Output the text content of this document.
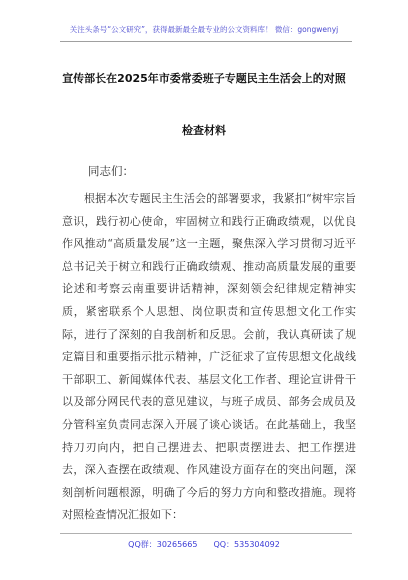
关注头条号“公文研究”，获得最新最全最专业的公文资料库！ 微信：gongwenyj
宣传部长在2025年市委常委班子专题民主生活会上的对照
检查材料
同志们：
根据本次专题民主生活会的部署要求，我紧扣“树牢宗旨意识，践行初心使命，牢固树立和践行正确政绩观，以优良作风推动“高质量发展”这一主题，聚焦深入学习贯彻习近平总书记关于树立和践行正确政绩观、推动高质量发展的重要论述和考察云南重要讲话精神，深刻领会纪律规定精神实质，紧密联系个人思想、岗位职责和宣传思想文化工作实际，进行了深刻的自我剖析和反思。会前，我认真研读了规定篇目和重要指示批示精神，广泛征求了宣传思想文化战线干部职工、新闻媒体代表、基层文化工作者、理论宣讲骨干以及部分网民代表的意见建议，与班子成员、部务会成员及分管科室负责同志深入开展了谈心谈话。在此基础上，我坚持刀刃向内，把自己摆进去、把职责摆进去、把工作摆进去，深入查摆在政绩观、作风建设方面存在的突出问题，深刻剖析问题根源，明确了今后的努力方向和整改措施。现将对照检查情况汇报如下：
QQ群：30265665　　QQ：535304092
